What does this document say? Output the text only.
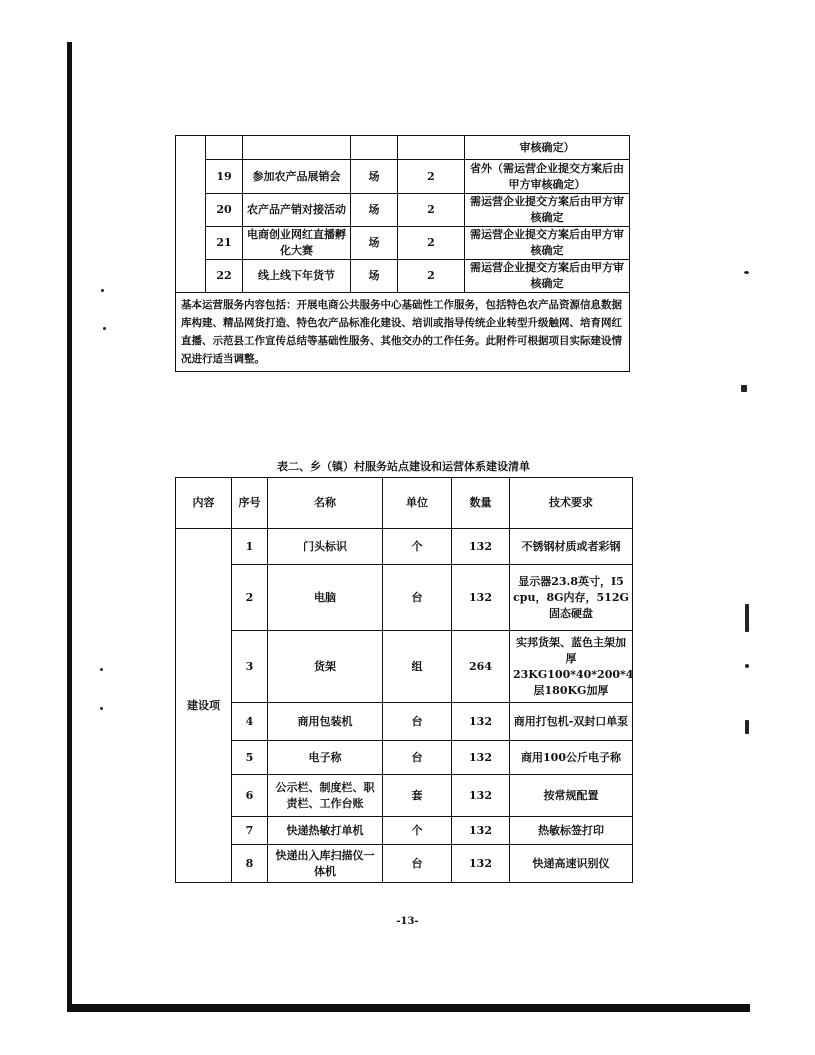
					审核确定）
	19	参加农产品展销会	场	2	省外（需运营企业提交方案后由甲方审核确定）
	20	农产品产销对接活动	场	2	需运营企业提交方案后由甲方审核确定
	21	电商创业网红直播孵化大赛	场	2	需运营企业提交方案后由甲方审核确定
	22	线上线下年货节	场	2	需运营企业提交方案后由甲方审核确定
基本运营服务内容包括：开展电商公共服务中心基础性工作服务，包括特色农产品资源信息数据库构建、精品网货打造、特色农产品标准化建设、培训或指导传统企业转型升级触网、培育网红直播、示范县工作宣传总结等基础性服务、其他交办的工作任务。此附件可根据项目实际建设情况进行适当调整。					
表二、乡（镇）村服务站点建设和运营体系建设清单
内容	序号	名称	单位	数量	技术要求
建设项	1	门头标识	个	132	不锈钢材质或者彩钢
	2	电脑	台	132	显示器23.8英寸，I5 cpu，8G内存，512G固态硬盘
	3	货架	组	264	实邦货架、蓝色主架加厚23KG100*40*200*4层180KG加厚
	4	商用包装机	台	132	商用打包机-双封口单泵
	5	电子称	台	132	商用100公斤电子称
	6	公示栏、制度栏、职责栏、工作台账	套	132	按常规配置
	7	快递热敏打单机	个	132	热敏标签打印
	8	快递出入库扫描仪一体机	台	132	快递高速识别仪
-13-
